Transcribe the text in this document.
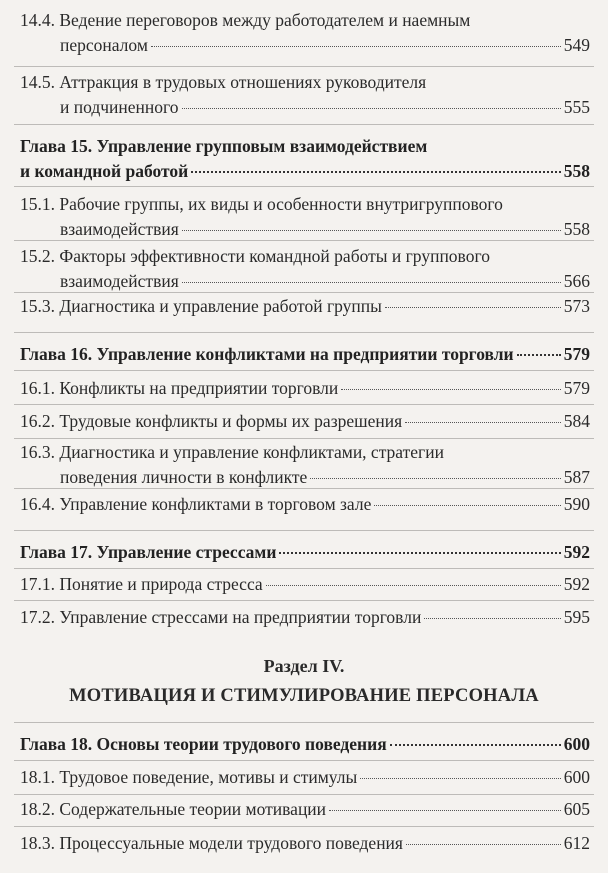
14.4. Ведение переговоров между работодателем и наемным
персоналом	549
14.5. Аттракция в трудовых отношениях руководителя
и подчиненного	555
Глава 15. Управление групповым взаимодействием
и командной работой	558
15.1. Рабочие группы, их виды и особенности внутригруппового
взаимодействия	558
15.2. Факторы эффективности командной работы и группового
взаимодействия	566
15.3. Диагностика и управление работой группы	573
Глава 16. Управление конфликтами на предприятии торговли	579
16.1. Конфликты на предприятии торговли	579
16.2. Трудовые конфликты и формы их разрешения	584
16.3. Диагностика и управление конфликтами, стратегии
поведения личности в конфликте	587
16.4. Управление конфликтами в торговом зале	590
Глава 17. Управление стрессами	592
17.1. Понятие и природа стресса	592
17.2. Управление стрессами на предприятии торговли	595
Раздел IV.
МОТИВАЦИЯ И СТИМУЛИРОВАНИЕ ПЕРСОНАЛА
Глава 18. Основы теории трудового поведения	600
18.1. Трудовое поведение, мотивы и стимулы	600
18.2. Содержательные теории мотивации	605
18.3. Процессуальные модели трудового поведения	612
